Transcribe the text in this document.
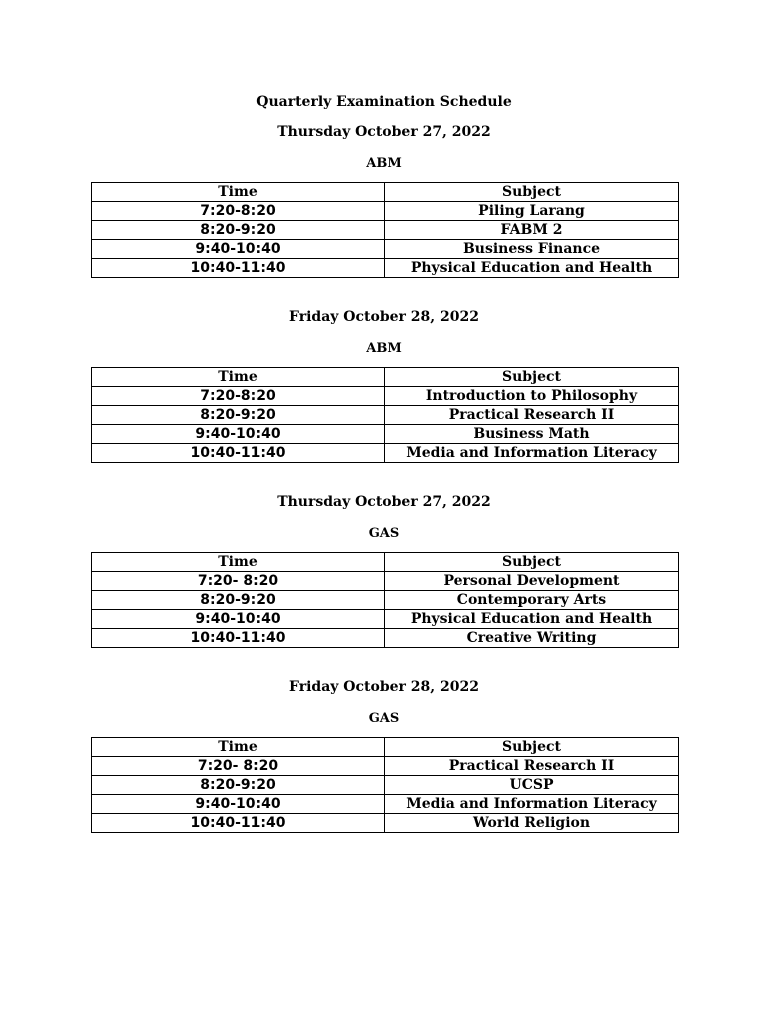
Quarterly Examination Schedule
Thursday October 27, 2022
ABM
Time	Subject
7:20-8:20	Piling Larang
8:20-9:20	FABM 2
9:40-10:40	Business Finance
10:40-11:40	Physical Education and Health
Friday October 28, 2022
ABM
Time	Subject
7:20-8:20	Introduction to Philosophy
8:20-9:20	Practical Research II
9:40-10:40	Business Math
10:40-11:40	Media and Information Literacy
Thursday October 27, 2022
GAS
Time	Subject
7:20- 8:20	Personal Development
8:20-9:20	Contemporary Arts
9:40-10:40	Physical Education and Health
10:40-11:40	Creative Writing
Friday October 28, 2022
GAS
Time	Subject
7:20- 8:20	Practical Research II
8:20-9:20	UCSP
9:40-10:40	Media and Information Literacy
10:40-11:40	World Religion
